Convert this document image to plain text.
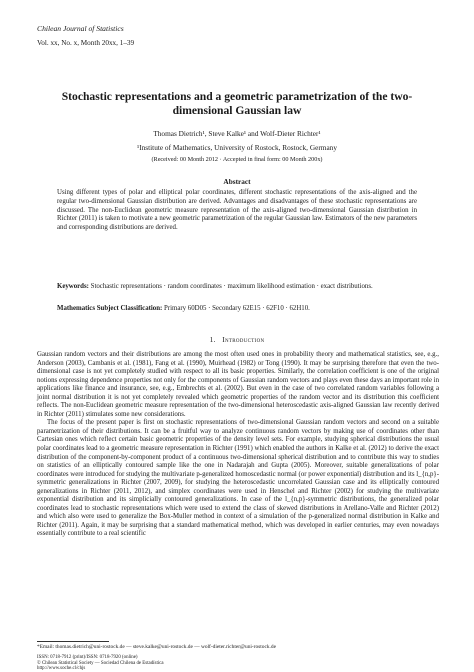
Chilean Journal of Statistics
Vol. xx, No. x, Month 20xx, 1–39
Stochastic representations and a geometric parametrization of the two-dimensional Gaussian law
Thomas Dietrich¹, Steve Kalke¹ and Wolf-Dieter Richter¹
¹Institute of Mathematics, University of Rostock, Rostock, Germany
(Received: 00 Month 2012 · Accepted in final form: 00 Month 200x)
Abstract
Using different types of polar and elliptical polar coordinates, different stochastic representations of the axis-aligned and the regular two-dimensional Gaussian distribution are derived. Advantages and disadvantages of these stochastic representations are discussed. The non-Euclidean geometric measure representation of the axis-aligned two-dimensional Gaussian distribution in Richter (2011) is taken to motivate a new geometric parametrization of the regular Gaussian law. Estimators of the new parameters and corresponding distributions are derived.
Keywords: Stochastic representations · random coordinates · maximum likelihood estimation · exact distributions.
Mathematics Subject Classification: Primary 60D05 · Secondary 62E15 · 62F10 · 62H10.
1. Introduction

Gaussian random vectors and their distributions are among the most often used ones in probability theory and mathematical statistics, see, e.g., Anderson (2003), Cambanis et al. (1981), Fang et al. (1990), Muirhead (1982) or Tong (1990). It may be surprising therefore that even the two-dimensional case is not yet completely studied with respect to all its basic properties. Similarly, the correlation coefficient is one of the original notions expressing dependence properties not only for the components of Gaussian random vectors and plays even these days an important role in applications like finance and insurance, see, e.g., Embrechts et al. (2002). But even in the case of two correlated random variables following a joint normal distribution it is not yet completely revealed which geometric properties of the random vector and its distribution this coefficient reflects. The non-Euclidean geometric measure representation of the two-dimensional heteroscedastic axis-aligned Gaussian law recently derived in Richter (2011) stimulates some new considerations.

The focus of the present paper is first on stochastic representations of two-dimensional Gaussian random vectors and second on a suitable parametrization of their distributions. It can be a fruitful way to analyze continuous random vectors by making use of coordinates other than Cartesian ones which reflect certain basic geometric properties of the density level sets. For example, studying spherical distributions the usual polar coordinates lead to a geometric measure representation in Richter (1991) which enabled the authors in Kalke et al. (2012) to derive the exact distribution of the component-by-component product of a continuous two-dimensional spherical distribution and to contribute this way to studies on statistics of an elliptically contoured sample like the one in Nadarajah and Gupta (2005). Moreover, suitable generalizations of polar coordinates were introduced for studying the multivariate p-generalized homoscedastic normal (or power exponential) distribution and its l_{n,p}-symmetric generalizations in Richter (2007, 2009), for studying the heteroscedastic uncorrelated Gaussian case and its elliptically contoured generalizations in Richter (2011, 2012), and simplex coordinates were used in Henschel and Richter (2002) for studying the multivariate exponential distribution and its simplicially contoured generalizations. In case of the l_{n,p}-symmetric distributions, the generalized polar coordinates lead to stochastic representations which were used to extend the class of skewed distributions in Arellano-Valle and Richter (2012) and which also were used to generalize the Box-Muller method in context of a simulation of the p-generalized normal distribution in Kalke and Richter (2011). Again, it may be surprising that a standard mathematical method, which was developed in earlier centuries, may even nowadays essentially contribute to a real scientific

*Email: thomas.dietrich@uni-rostock.de — steve.kalke@uni-rostock.de — wolf-dieter.richter@uni-rostock.de
ISSN: 0718-7912 (print)/ISSN: 0718-7920 (online)
© Chilean Statistical Society — Sociedad Chilena de Estadística
http://www.soche.cl/chjs
